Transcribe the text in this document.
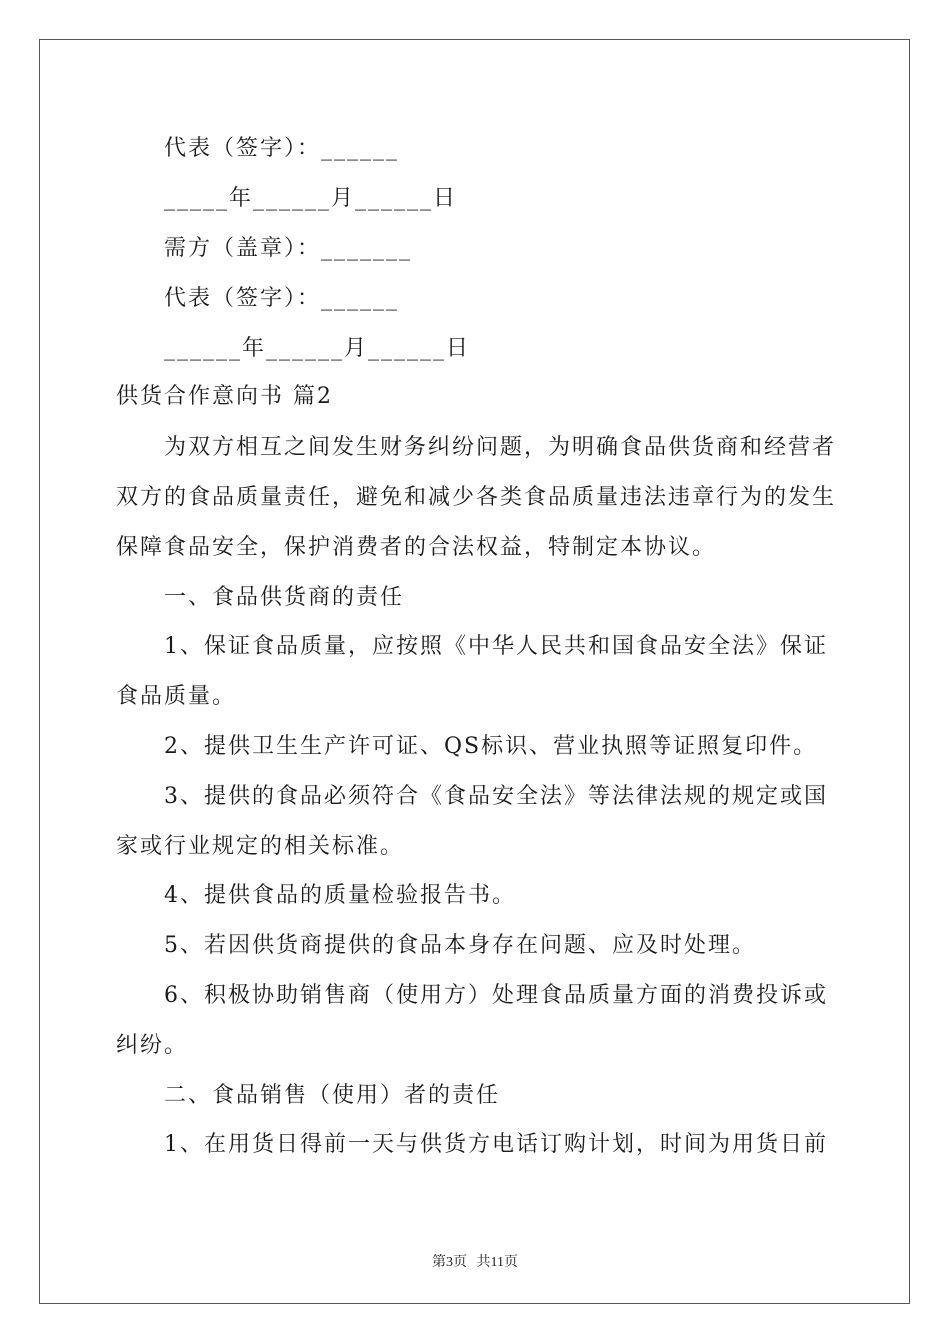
代表（签字）：______
_____年______月______日
需方（盖章）：_______
代表（签字）：______
______年______月______日
供货合作意向书 篇2
为双方相互之间发生财务纠纷问题，为明确食品供货商和经营者
双方的食品质量责任，避免和减少各类食品质量违法违章行为的发生
保障食品安全，保护消费者的合法权益，特制定本协议。
一、食品供货商的责任
1、保证食品质量，应按照《中华人民共和国食品安全法》保证
食品质量。
2、提供卫生生产许可证、QS标识、营业执照等证照复印件。
3、提供的食品必须符合《食品安全法》等法律法规的规定或国
家或行业规定的相关标准。
4、提供食品的质量检验报告书。
5、若因供货商提供的食品本身存在问题、应及时处理。
6、积极协助销售商（使用方）处理食品质量方面的消费投诉或
纠纷。
二、食品销售（使用）者的责任
1、在用货日得前一天与供货方电话订购计划，时间为用货日前
第3页 共11页
